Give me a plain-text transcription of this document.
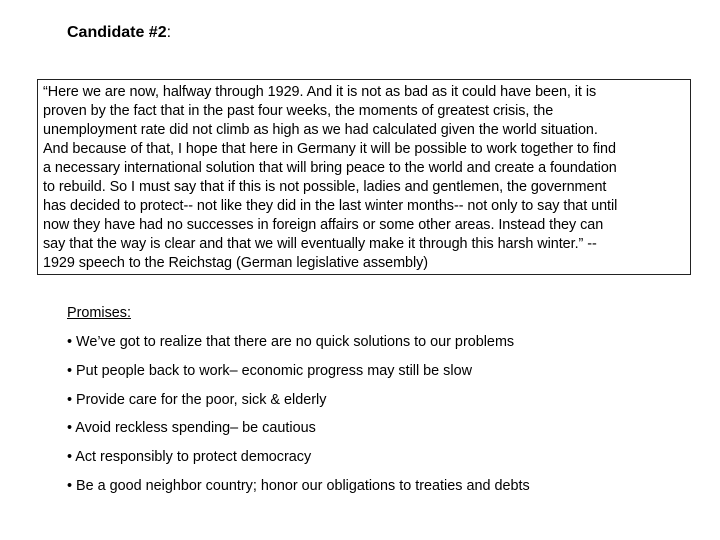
Candidate #2:
“Here we are now, halfway through 1929. And it is not as bad as it could have been, it is
proven by the fact that in the past four weeks, the moments of greatest crisis, the
unemployment rate did not climb as high as we had calculated given the world situation.
And because of that, I hope that here in Germany it will be possible to work together to find
a necessary international solution that will bring peace to the world and create a foundation
to rebuild. So I must say that if this is not possible, ladies and gentlemen, the government
has decided to protect-- not like they did in the last winter months-- not only to say that until
now they have had no successes in foreign affairs or some other areas. Instead they can
say that the way is clear and that we will eventually make it through this harsh winter.” --
1929 speech to the Reichstag (German legislative assembly)
Promises:
• We’ve got to realize that there are no quick solutions to our problems
• Put people back to work– economic progress may still be slow
• Provide care for the poor, sick & elderly
• Avoid reckless spending– be cautious
• Act responsibly to protect democracy
• Be a good neighbor country; honor our obligations to treaties and debts
